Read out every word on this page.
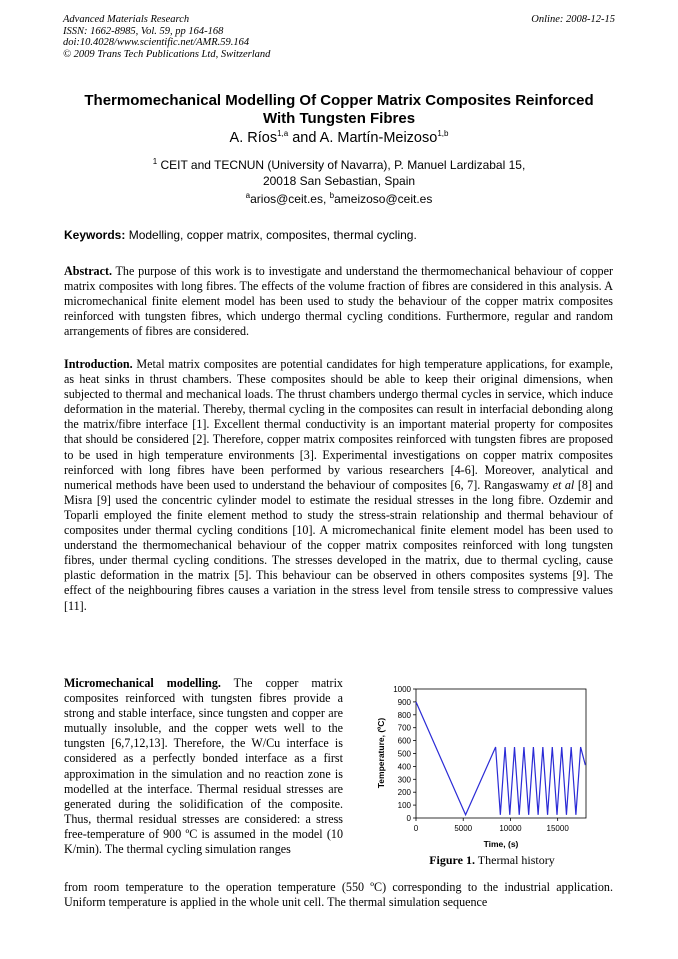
Advanced Materials Research
ISSN: 1662-8985, Vol. 59, pp 164-168
doi:10.4028/www.scientific.net/AMR.59.164
© 2009 Trans Tech Publications Ltd, Switzerland
Online: 2008-12-15
Thermomechanical Modelling Of Copper Matrix Composites Reinforced
With Tungsten Fibres
A. Ríos$^{1,a}$ and A. Martín-Meizoso$^{1,b}$
$^1$ CEIT and TECNUN (University of Navarra), P. Manuel Lardizabal 15,
20018 San Sebastian, Spain
$^a$arios@ceit.es, $^b$ameizoso@ceit.es
Keywords: Modelling, copper matrix, composites, thermal cycling.
Abstract. The purpose of this work is to investigate and understand the thermomechanical behaviour of copper matrix composites with long fibres. The effects of the volume fraction of fibres are considered in this analysis. A micromechanical finite element model has been used to study the behaviour of the copper matrix composites reinforced with tungsten fibres, which undergo thermal cycling conditions. Furthermore, regular and random arrangements of fibres are considered.
Introduction. Metal matrix composites are potential candidates for high temperature applications, for example, as heat sinks in thrust chambers. These composites should be able to keep their original dimensions, when subjected to thermal and mechanical loads. The thrust chambers undergo thermal cycles in service, which induce deformation in the material. Thereby, thermal cycling in the composites can result in interfacial debonding along the matrix/fibre interface [1]. Excellent thermal conductivity is an important material property for composites that should be considered [2]. Therefore, copper matrix composites reinforced with tungsten fibres are proposed to be used in high temperature environments [3]. Experimental investigations on copper matrix composites reinforced with long fibres have been performed by various researchers [4-6]. Moreover, analytical and numerical methods have been used to understand the behaviour of composites [6, 7]. Rangaswamy et al [8] and Misra [9] used the concentric cylinder model to estimate the residual stresses in the long fibre. Ozdemir and Toparli employed the finite element method to study the stress-strain relationship and thermal behaviour of composites under thermal cycling conditions [10]. A micromechanical finite element model has been used to understand the thermomechanical behaviour of the copper matrix composites reinforced with long tungsten fibres, under thermal cycling conditions. The stresses developed in the matrix, due to thermal cycling, cause plastic deformation in the matrix [5]. This behaviour can be observed in others composites systems [9]. The effect of the neighbouring fibres causes a variation in the stress level from tensile stress to compressive values [11].
Micromechanical modelling. The copper matrix composites reinforced with tungsten fibres provide a strong and stable interface, since tungsten and copper are mutually insoluble, and the copper wets well to the tungsten [6,7,12,13]. Therefore, the W/Cu interface is considered as a perfectly bonded interface as a first approximation in the simulation and no reaction zone is modelled at the interface. Thermal residual stresses are generated during the solidification of the composite. Thus, thermal residual stresses are considered: a stress free-temperature of 900 ºC is assumed in the model (10 K/min). The thermal cycling simulation ranges
from room temperature to the operation temperature (550 ºC) corresponding to the industrial application. Uniform temperature is applied in the whole unit cell. The thermal simulation sequence
0
100
200
300
400
500
600
700
800
900
1000
0	5000	10000	15000
Time, (s)
Temperature, (ºC)
Figure 1. Thermal history
